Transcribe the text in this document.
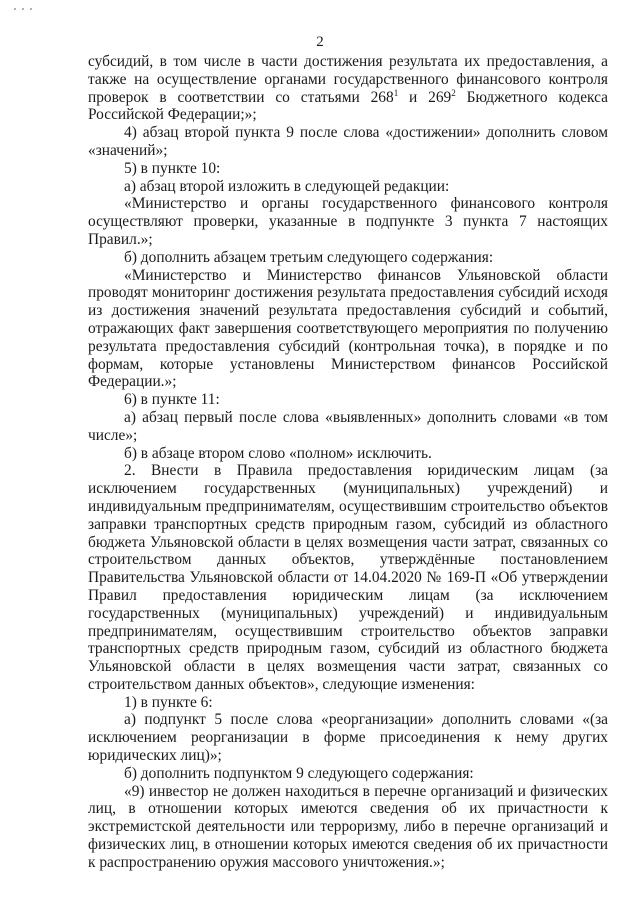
2

субсидий, в том числе в части достижения результата их предоставления, а также на осуществление органами государственного финансового контроля проверок в соответствии со статьями $268^1$ и $269^2$ Бюджетного кодекса Российской Федерации;»;

4) абзац второй пункта 9 после слова «достижении» дополнить словом «значений»;

5) в пункте 10:

а) абзац второй изложить в следующей редакции:

«Министерство и органы государственного финансового контроля осуществляют проверки, указанные в подпункте 3 пункта 7 настоящих Правил.»;

б) дополнить абзацем третьим следующего содержания:

«Министерство и Министерство финансов Ульяновской области проводят мониторинг достижения результата предоставления субсидий исходя из достижения значений результата предоставления субсидий и событий, отражающих факт завершения соответствующего мероприятия по получению результата предоставления субсидий (контрольная точка), в порядке и по формам, которые установлены Министерством финансов Российской Федерации.»;

6) в пункте 11:

а) абзац первый после слова «выявленных» дополнить словами «в том числе»;

б) в абзаце втором слово «полном» исключить.

2. Внести в Правила предоставления юридическим лицам (за исключением государственных (муниципальных) учреждений) и индивидуальным предпринимателям, осуществившим строительство объектов заправки транспортных средств природным газом, субсидий из областного бюджета Ульяновской области в целях возмещения части затрат, связанных со строительством данных объектов, утверждённые постановлением Правительства Ульяновской области от 14.04.2020 № 169-П «Об утверждении Правил предоставления юридическим лицам (за исключением государственных (муниципальных) учреждений) и индивидуальным предпринимателям, осуществившим строительство объектов заправки транспортных средств природным газом, субсидий из областного бюджета Ульяновской области в целях возмещения части затрат, связанных со строительством данных объектов», следующие изменения:

1) в пункте 6:

а) подпункт 5 после слова «реорганизации» дополнить словами «(за исключением реорганизации в форме присоединения к нему других юридических лиц)»;

б) дополнить подпунктом 9 следующего содержания:

«9) инвестор не должен находиться в перечне организаций и физических лиц, в отношении которых имеются сведения об их причастности к экстремистской деятельности или терроризму, либо в перечне организаций и физических лиц, в отношении которых имеются сведения об их причастности к распространению оружия массового уничтожения.»;
